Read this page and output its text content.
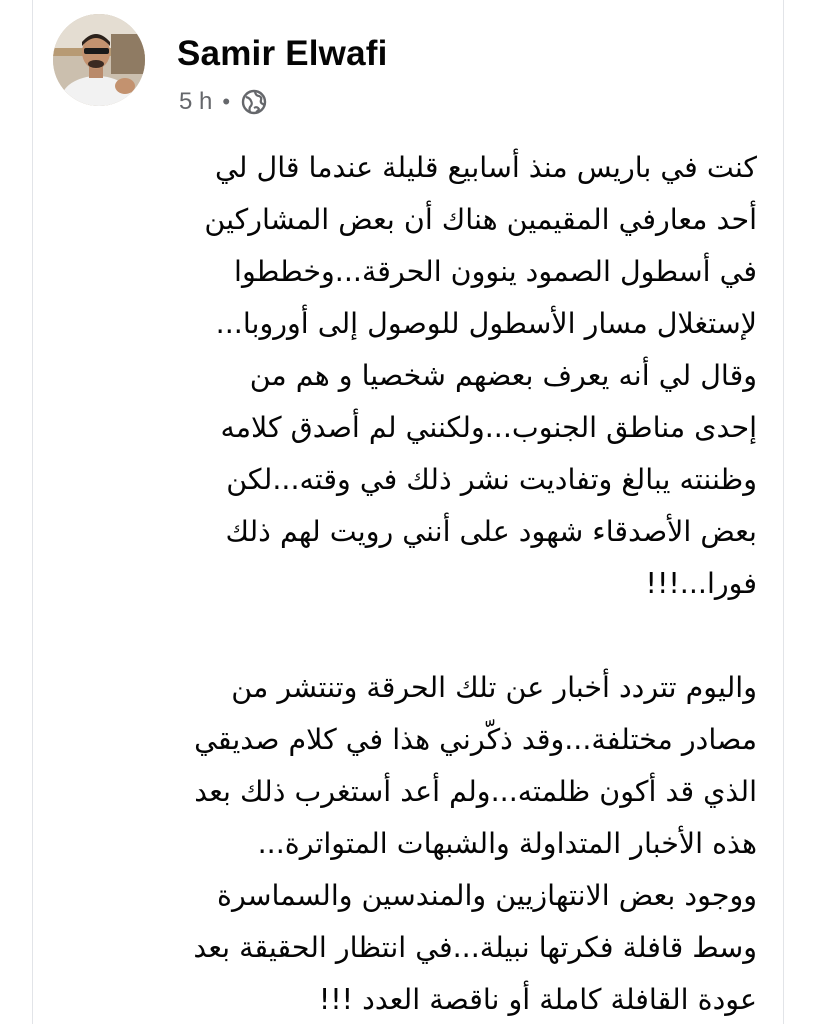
Samir Elwafi
5 h •
كنت في باريس منذ أسابيع قليلة عندما قال لي
أحد معارفي المقيمين هناك أن بعض المشاركين
في أسطول الصمود ينوون الحرقة...وخططوا
لإستغلال مسار الأسطول للوصول إلى أوروبا...
وقال لي أنه يعرف بعضهم شخصيا و هم من
إحدى مناطق الجنوب...ولكنني لم أصدق كلامه
وظننته يبالغ وتفاديت نشر ذلك في وقته...لكن
بعض الأصدقاء شهود على أنني رويت لهم ذلك
فورا...!!!
واليوم تتردد أخبار عن تلك الحرقة وتنتشر من
مصادر مختلفة...وقد ذكّرني هذا في كلام صديقي
الذي قد أكون ظلمته...ولم أعد أستغرب ذلك بعد
هذه الأخبار المتداولة والشبهات المتواترة...
ووجود بعض الانتهازيين والمندسين والسماسرة
وسط قافلة فكرتها نبيلة...في انتظار الحقيقة بعد
عودة القافلة كاملة أو ناقصة العدد !!!
